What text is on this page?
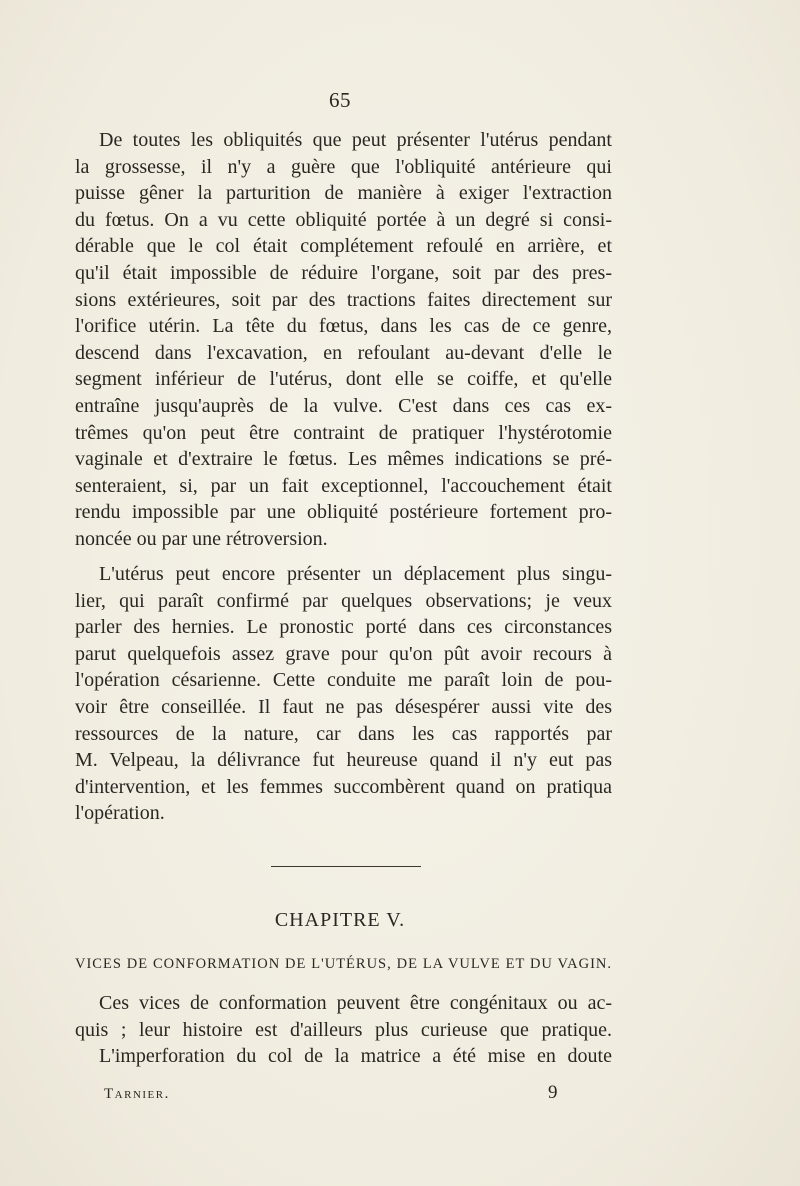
65
De toutes les obliquités que peut présenter l'utérus pendant
la grossesse, il n'y a guère que l'obliquité antérieure qui
puisse gêner la parturition de manière à exiger l'extraction
du fœtus. On a vu cette obliquité portée à un degré si consi-
dérable que le col était complétement refoulé en arrière, et
qu'il était impossible de réduire l'organe, soit par des pres-
sions extérieures, soit par des tractions faites directement sur
l'orifice utérin. La tête du fœtus, dans les cas de ce genre,
descend dans l'excavation, en refoulant au-devant d'elle le
segment inférieur de l'utérus, dont elle se coiffe, et qu'elle
entraîne jusqu'auprès de la vulve. C'est dans ces cas ex-
trêmes qu'on peut être contraint de pratiquer l'hystérotomie
vaginale et d'extraire le fœtus. Les mêmes indications se pré-
senteraient, si, par un fait exceptionnel, l'accouchement était
rendu impossible par une obliquité postérieure fortement pro-
noncée ou par une rétroversion.
L'utérus peut encore présenter un déplacement plus singu-
lier, qui paraît confirmé par quelques observations; je veux
parler des hernies. Le pronostic porté dans ces circonstances
parut quelquefois assez grave pour qu'on pût avoir recours à
l'opération césarienne. Cette conduite me paraît loin de pou-
voir être conseillée. Il faut ne pas désespérer aussi vite des
ressources de la nature, car dans les cas rapportés par
M. Velpeau, la délivrance fut heureuse quand il n'y eut pas
d'intervention, et les femmes succombèrent quand on pratiqua
l'opération.
CHAPITRE V.
VICES DE CONFORMATION DE L'UTÉRUS, DE LA VULVE ET DU VAGIN.
Ces vices de conformation peuvent être congénitaux ou ac-
quis ; leur histoire est d'ailleurs plus curieuse que pratique.
L'imperforation du col de la matrice a été mise en doute
Tarnier.	9
